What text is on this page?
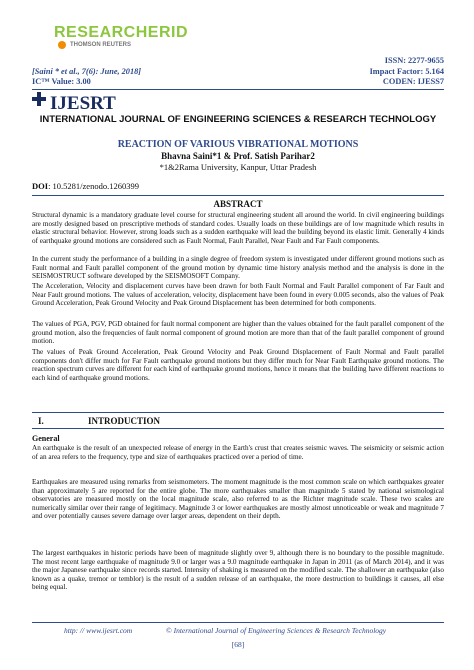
RESEARCHERID
THOMSON REUTERS
ISSN: 2277-9655
[Saini * et al., 7(6): June, 2018]	Impact Factor: 5.164
IC™ Value: 3.00	CODEN: IJESS7
IJESRT
INTERNATIONAL JOURNAL OF ENGINEERING SCIENCES & RESEARCH TECHNOLOGY
REACTION OF VARIOUS VIBRATIONAL MOTIONS
Bhavna Saini*1 & Prof. Satish Parihar2
*1&2Rama University, Kanpur, Uttar Pradesh
DOI: 10.5281/zenodo.1260399
ABSTRACT
Structural dynamic is a mandatory graduate level course for structural engineering student all around the world. In civil engineering buildings are mostly designed based on prescriptive methods of standard codes. Usually loads on these buildings are of low magnitude which results in elastic structural behavior. However, strong loads such as a sudden earthquake will lead the building beyond its elastic limit. Generally 4 kinds of earthquake ground motions are considered such as Fault Normal, Fault Parallel, Near Fault and Far Fault components.
In the current study the performance of a building in a single degree of freedom system is investigated under different ground motions such as Fault normal and Fault parallel component of the ground motion by dynamic time history analysis method and the analysis is done in the SEISMOSTRUCT software developed by the SEISMOSOFT Company.
The Acceleration, Velocity and displacement curves have been drawn for both Fault Normal and Fault Parallel component of Far Fault and Near Fault ground motions. The values of acceleration, velocity, displacement have been found in every 0.005 seconds, also the values of Peak Ground Acceleration, Peak Ground Velocity and Peak Ground Displacement has been determined for both components.
The values of PGA, PGV, PGD obtained for fault normal component are higher than the values obtained for the fault parallel component of the ground motion, also the frequencies of fault normal component of ground motion are more than that of the fault parallel component of ground motion.
The values of Peak Ground Acceleration, Peak Ground Velocity and Peak Ground Displacement of Fault Normal and Fault parallel components don't differ much for Far Fault earthquake ground motions but they differ much for Near Fault Earthquake ground motions. The reaction spectrum curves are different for each kind of earthquake ground motions, hence it means that the building have different reactions to each kind of earthquake ground motions.
I.	INTRODUCTION
General
An earthquake is the result of an unexpected release of energy in the Earth's crust that creates seismic waves. The seismicity or seismic action of an area refers to the frequency, type and size of earthquakes practiced over a period of time.
Earthquakes are measured using remarks from seismometers. The moment magnitude is the most common scale on which earthquakes greater than approximately 5 are reported for the entire globe. The more earthquakes smaller than magnitude 5 stated by national seismological observatories are measured mostly on the local magnitude scale, also referred to as the Richter magnitude scale. These two scales are numerically similar over their range of legitimacy. Magnitude 3 or lower earthquakes are mostly almost unnoticeable or weak and magnitude 7 and over potentially causes severe damage over larger areas, dependent on their depth.
The largest earthquakes in historic periods have been of magnitude slightly over 9, although there is no boundary to the possible magnitude. The most recent large earthquake of magnitude 9.0 or larger was a 9.0 magnitude earthquake in Japan in 2011 (as of March 2014), and it was the major Japanese earthquake since records started. Intensity of shaking is measured on the modified scale. The shallower an earthquake (also known as a quake, tremor or temblor) is the result of a sudden release of an earthquake, the more destruction to buildings it causes, all else being equal.
http: // www.ijesrt.com	© International Journal of Engineering Sciences & Research Technology
[68]
